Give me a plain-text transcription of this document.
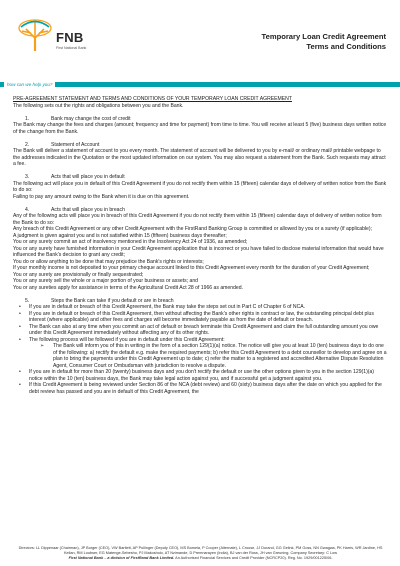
FNB
First National Bank
Temporary Loan Credit Agreement
Terms and Conditions
how can we help you?

PRE-AGREEMENT STATEMENT AND TERMS AND CONDITIONS OF YOUR TEMPORARY LOAN CREDIT AGREEMENT

The following sets out the rights and obligations between you and the Bank.

1.	Bank may change the cost of credit

The Bank may change the fees and charges (amount; frequency and time for payment) from time to time. You will receive at least 5 (five) business days written notice of the change from the Bank.

2.	Statement of Account

The Bank will deliver a statement of account to you every month. The statement of account will be delivered to you by e-mail/ or ordinary mail/ printable webpage to the addresses indicated in the Quotation or the most updated information on our system. You may also request a statement from the Bank. Such requests may attract a fee.

3.	Acts that will place you in default

The following act will place you in default of this Credit Agreement if you do not rectify them within 15 (fifteen) calendar days of delivery of written notice from the Bank to do so:

Failing to pay any amount owing to the Bank when it is due on this agreement.

4.	Acts that will place you in breach

Any of the following acts will place you in breach of this Credit Agreement if you do not rectify them within 15 (fifteen) calendar days of delivery of written notice from the Bank to do so:

Any breach of this Credit Agreement or any other Credit Agreement with the FirstRand Banking Group is committed or allowed by you or a surety (if applicable);

A judgment is given against you and is not satisfied within 15 (fifteen) business days thereafter;

You or any surety commit an act of insolvency mentioned in the Insolvency Act 24 of 1936, as amended;

You or any surety have furnished information in your Credit Agreement application that is incorrect or you have failed to disclose material information that would have influenced the Bank's decision to grant any credit;

You do or allow anything to be done that may prejudice the Bank's rights or interests;

If your monthly income is not deposited to your primary cheque account linked to this Credit Agreement every month for the duration of your Credit Agreement;

You or any surety are provisionally or finally sequestrated;

You or any surety sell the whole or a major portion of your business or assets; and

You or any sureties apply for assistance in terms of the Agricultural Credit Act 28 of 1966 as amended.

5.	Steps the Bank can take if you default or are in breach

• If you are in default or breach of this Credit Agreement, the Bank may take the steps set out in Part C of Chapter 6 of NCA.
• If you are in default or breach of this Credit Agreement, then without affecting the Bank's other rights in contract or law, the outstanding principal debt plus interest (where applicable) and other fees and charges will become immediately payable as from the date of default or breach.
• The Bank can also at any time when you commit an act of default or breach terminate this Credit Agreement and claim the full outstanding amount you owe under this Credit Agreement immediately without affecting any of its other rights.
• The following process will be followed if you are in default under this Credit Agreement:

➢ The Bank will inform you of this in writing in the form of a section 129(1)(a) notice. The notice will give you at least 10 (ten) business days to do one of the following: a) rectify the default e.g. make the required payments; b) refer this Credit Agreement to a debt counsellor to develop and agree on a plan to bring the payments under this Credit Agreement up to date; c) refer the matter to a registered and accredited Alternative Dispute Resolution Agent, Consumer Court or Ombudsman with jurisdiction to resolve a dispute.

• If you are in default for more than 20 (twenty) business days and you don't rectify the default or use the other options given to you in the section 129(1)(a) notice within the 10 (ten) business days, the Bank may take legal action against you, and if successful get a judgment against you.
• If this Credit Agreement is being reviewed under Section 86 of the NCA (debt review) and 60 (sixty) business days after the date on which you applied for the debt review has passed and you are in default of this Credit Agreement, the
Directors: LL Dippenaar (Chairman), JP Burger (CEO), VW Bartlett, AP Pullinger (Deputy CEO), MS Bomela, P Cooper (Alternate), L Crouse, JJ Durand, GG Gelink, PM Goss, NN Gwagwa, PK Harris, WR Jardine, HS Kellan, RM Loubser, EG Matenge-Sebesho, PJ Makosholo, AT Nzimande, D Premnarayen (India), BJ van der Ross, JH van Greuning. Company Secretary: C Low
First National Bank – a division of FirstRand Bank Limited. An Authorised Financial Services and Credit Provider (NCRCP20). Reg. No. 1929/001225/06.
